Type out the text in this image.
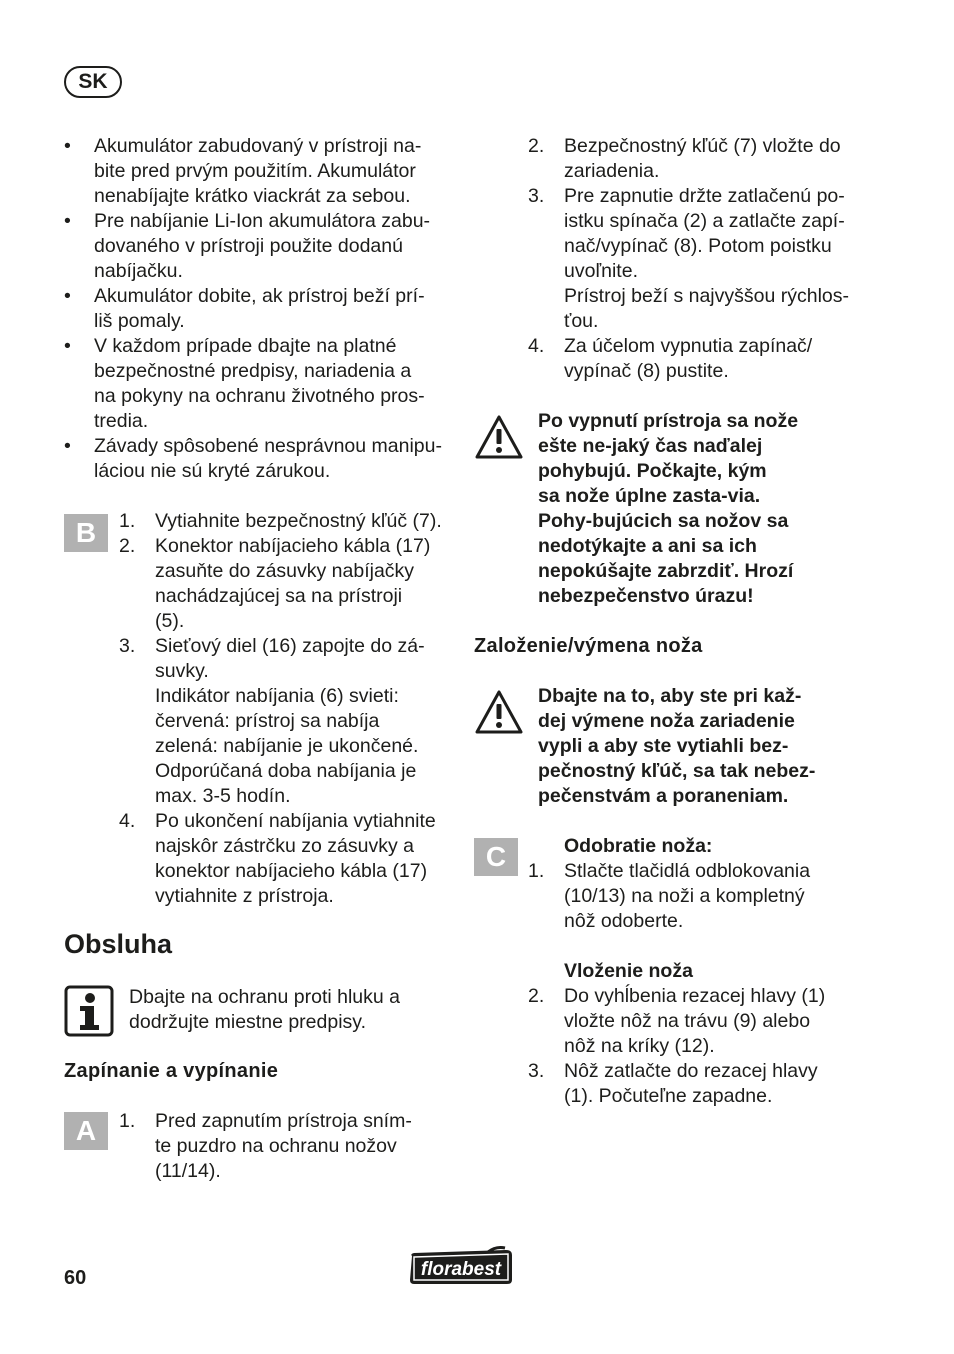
SK
• Akumulátor zabudovaný v prístroji na-
bite pred prvým použitím. Akumulátor
nenabíjajte krátko viackrát za sebou.
• Pre nabíjanie Li-Ion akumulátora zabu-
dovaného v prístroji použite dodanú
nabíjačku.
• Akumulátor dobite, ak prístroj beží prí-
liš pomaly.
• V každom prípade dbajte na platné
bezpečnostné predpisy, nariadenia a
na pokyny na ochranu životného pros-
tredia.
• Závady spôsobené nesprávnou manipu-
láciou nie sú kryté zárukou.
B	1. Vytiahnite bezpečnostný kľúč (7).
2. Konektor nabíjacieho kábla (17)
zasuňte do zásuvky nabíjačky
nachádzajúcej sa na prístroji
(5).
3. Sieťový diel (16) zapojte do zá-
suvky.
Indikátor nabíjania (6) svieti:
červená: prístroj sa nabíja
zelená: nabíjanie je ukončené.
Odporúčaná doba nabíjania je
max. 3-5 hodín.
4. Po ukončení nabíjania vytiahnite
najskôr zástrčku zo zásuvky a
konektor nabíjacieho kábla (17)
vytiahnite z prístroja.
Obsluha
Dbajte na ochranu proti hluku a
dodržujte miestne predpisy.
Zapínanie a vypínanie
A	1. Pred zapnutím prístroja sním-
te puzdro na ochranu nožov
(11/14).
2. Bezpečnostný kľúč (7) vložte do
zariadenia.
3. Pre zapnutie držte zatlačenú po-
istku spínača (2) a zatlačte zapí-
nač/vypínač (8). Potom poistku
uvoľnite.
Prístroj beží s najvyššou rýchlos-
ťou.
4. Za účelom vypnutia zapínač/
vypínač (8) pustite.
Po vypnutí prístroja sa nože
ešte ne-jaký čas naďalej
pohybujú. Počkajte, kým
sa nože úplne zasta-via.
Pohy-bujúcich sa nožov sa
nedotýkajte a ani sa ich
nepokúšajte zabrzdiť. Hrozí
nebezpečenstvo úrazu!
Založenie/výmena noža
Dbajte na to, aby ste pri kaž-
dej výmene noža zariadenie
vypli a aby ste vytiahli bez-
pečnostný kľúč, sa tak nebez-
pečenstvám a poraneniam.
C	Odobratie noža:
1. Stlačte tlačidlá odblokovania
(10/13) na noži a kompletný
nôž odoberte.
Vloženie noža
2. Do vyhĺbenia rezacej hlavy (1)
vložte nôž na trávu (9) alebo
nôž na kríky (12).
3. Nôž zatlačte do rezacej hlavy
(1). Počuteľne zapadne.
60	florabest
